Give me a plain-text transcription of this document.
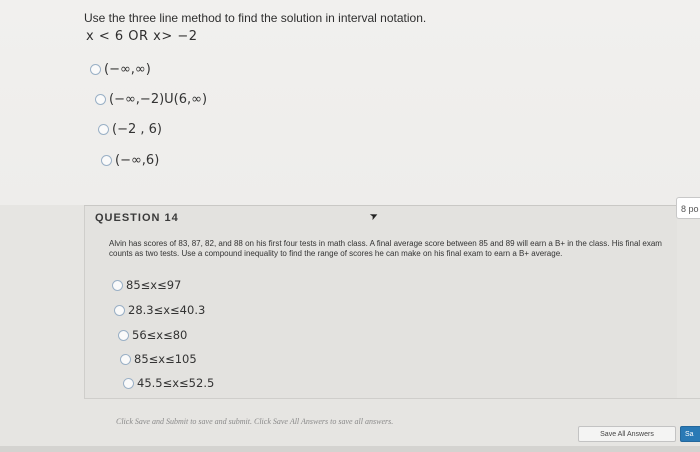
Use the three line method to find the solution in interval notation.
x < 6 OR x> −2
(−∞,∞)
(−∞,−2)U(6,∞)
(−2 , 6)
(−∞,6)
QUESTION 14
8 po
➤
Alvin has scores of 83, 87, 82, and 88 on his first four tests in math class. A final average score between 85 and 89 will earn a B+ in the class. His final exam counts as two tests. Use a compound inequality to find the range of scores he can make on his final exam to earn a B+ average.
85≤x≤97
28.3≤x≤40.3
56≤x≤80
85≤x≤105
45.5≤x≤52.5
Click Save and Submit to save and submit. Click Save All Answers to save all answers.
Save All Answers	Sa
